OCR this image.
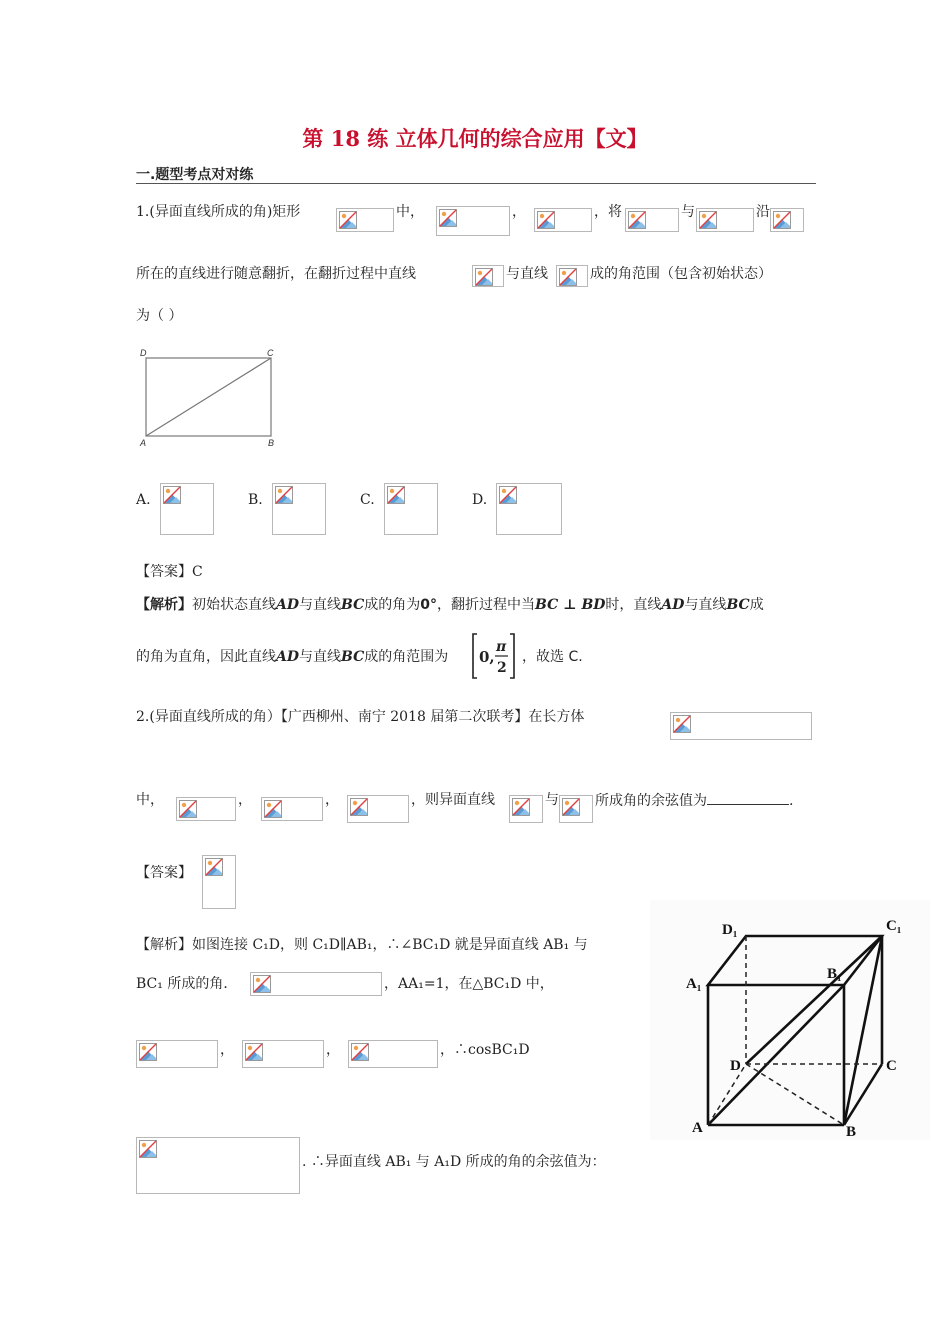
第 18 练 立体几何的综合应用【文】
一.题型考点对对练
1.(异面直线所成的角)矩形	中，	，	，将	与	沿
所在的直线进行随意翻折，在翻折过程中直线	与直线	成的角范围（包含初始状态）
为（ ）
D	C
A	B
A.	B.	C.	D.
【答案】C
【解析】初始状态直线AD与直线BC成的角为0°，翻折过程中当BC ⊥ BD时，直线AD与直线BC成
的角为直角，因此直线AD与直线BC成的角范围为 0,
π
2
，故选 C.
2.(异面直线所成的角）【广西柳州、南宁 2018 届第二次联考】在长方体
中，	，	，	，则异面直线	与	所成角的余弦值为	.
【答案】
【解析】如图连接 C₁D，则 C₁D∥AB₁，∴∠BC₁D 就是异面直线 AB₁ 与
BC₁ 所成的角．	，AA₁=1，在△BC₁D 中，
，	，	，∴cosBC₁D
. ∴异面直线 AB₁ 与 A₁D 所成的角的余弦值为：
D₁	C₁
B₁
A₁
D	C
A	B
